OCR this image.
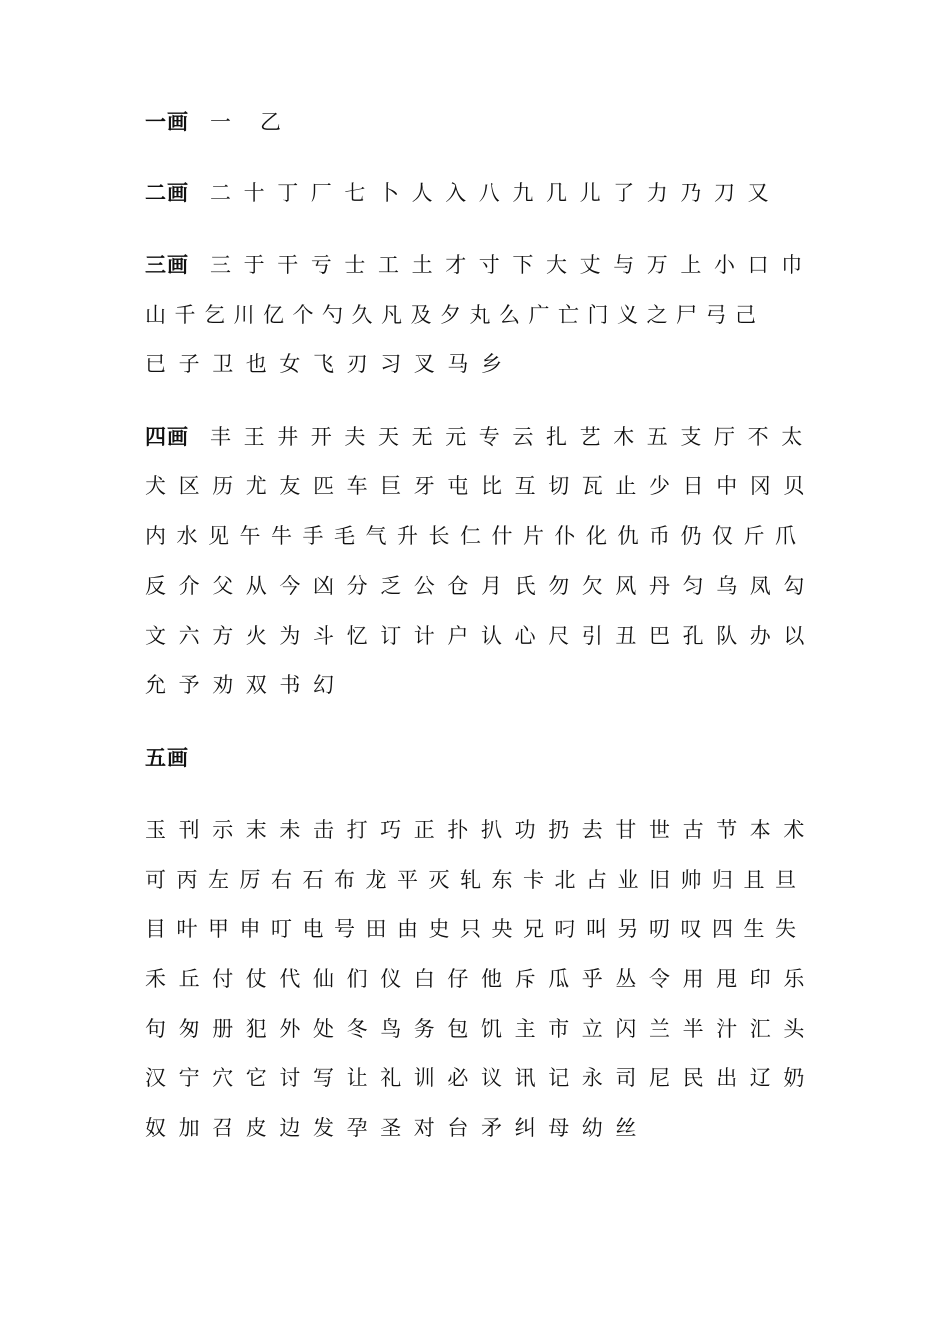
一画 一　乙
二画 二十丁厂七卜人入八九几儿了力乃刀又
三画 三于干亏士工土才寸下大丈与万上小口巾
山千乞川亿个勺久凡及夕丸么广亡门义之尸弓己
已子卫也女飞刃习叉马乡
四画 丰王井开夫天无元专云扎艺木五支厅不太
犬区历尤友匹车巨牙屯比互切瓦止少日中冈贝
内水见午牛手毛气升长仁什片仆化仇币仍仅斤爪
反介父从今凶分乏公仓月氏勿欠风丹匀乌凤勾
文六方火为斗忆订计户认心尺引丑巴孔队办以
允予劝双书幻
五画
玉刊示末未击打巧正扑扒功扔去甘世古节本术
可丙左厉右石布龙平灭轧东卡北占业旧帅归且旦
目叶甲申叮电号田由史只央兄叼叫另叨叹四生失
禾丘付仗代仙们仪白仔他斥瓜乎丛令用甩印乐
句匆册犯外处冬鸟务包饥主市立闪兰半汁汇头
汉宁穴它讨写让礼训必议讯记永司尼民出辽奶
奴加召皮边发孕圣对台矛纠母幼丝
